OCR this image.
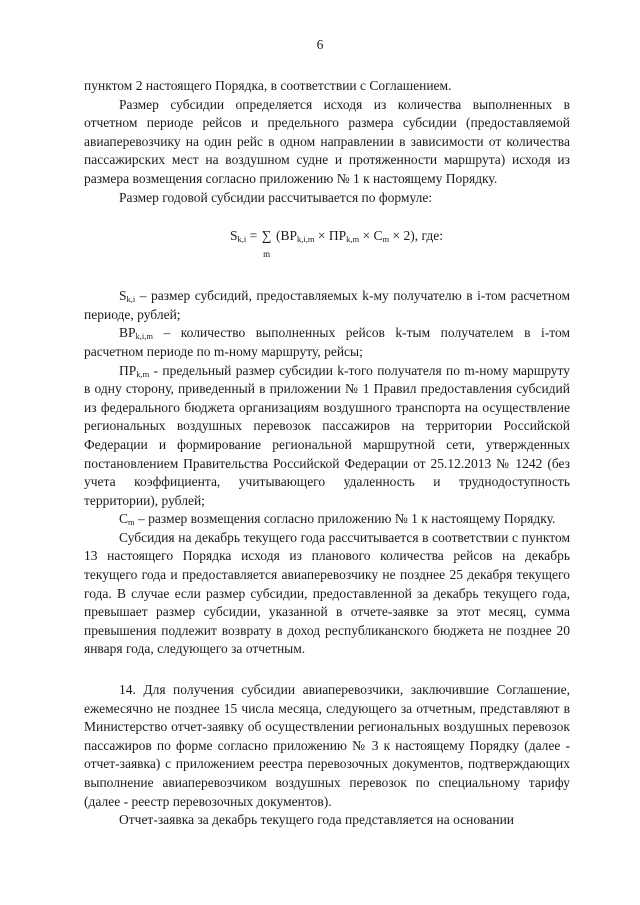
6

пунктом 2 настоящего Порядка, в соответствии с Соглашением.

Размер субсидии определяется исходя из количества выполненных в отчетном периоде рейсов и предельного размера субсидии (предоставляемой авиаперевозчику на один рейс в одном направлении в зависимости от количества пассажирских мест на воздушном судне и протяженности маршрута) исходя из размера возмещения согласно приложению № 1 к настоящему Порядку.

Размер годовой субсидии рассчитывается по формуле:

$S_{k,i}$ = ∑
m
$(BP_{k,i,m} \times ПР_{k,m} \times C_m \times 2)$, где:

$S_{k,i}$ – размер субсидий, предоставляемых k-му получателю в i-том расчетном периоде, рублей;

$BP_{k,i,m}$ – количество выполненных рейсов k-тым получателем в i-том расчетном периоде по m-ному маршруту, рейсы;

$ПР_{k,m}$ - предельный размер субсидии k-того получателя по m-ному маршруту в одну сторону, приведенный в приложении № 1 Правил предоставления субсидий из федерального бюджета организациям воздушного транспорта на осуществление региональных воздушных перевозок пассажиров на территории Российской Федерации и формирование региональной маршрутной сети, утвержденных постановлением Правительства Российской Федерации от 25.12.2013 № 1242 (без учета коэффициента, учитывающего удаленность и труднодоступность территории), рублей;

$C_m$ – размер возмещения согласно приложению № 1 к настоящему Порядку.

Субсидия на декабрь текущего года рассчитывается в соответствии с пунктом 13 настоящего Порядка исходя из планового количества рейсов на декабрь текущего года и предоставляется авиаперевозчику не позднее 25 декабря текущего года. В случае если размер субсидии, предоставленной за декабрь текущего года, превышает размер субсидии, указанной в отчете-заявке за этот месяц, сумма превышения подлежит возврату в доход республиканского бюджета не позднее 20 января года, следующего за отчетным.

14. Для получения субсидии авиаперевозчики, заключившие Соглашение, ежемесячно не позднее 15 числа месяца, следующего за отчетным, представляют в Министерство отчет-заявку об осуществлении региональных воздушных перевозок пассажиров по форме согласно приложению № 3 к настоящему Порядку (далее - отчет-заявка) с приложением реестра перевозочных документов, подтверждающих выполнение авиаперевозчиком воздушных перевозок по специальному тарифу (далее - реестр перевозочных документов).

Отчет-заявка за декабрь текущего года представляется на основании
